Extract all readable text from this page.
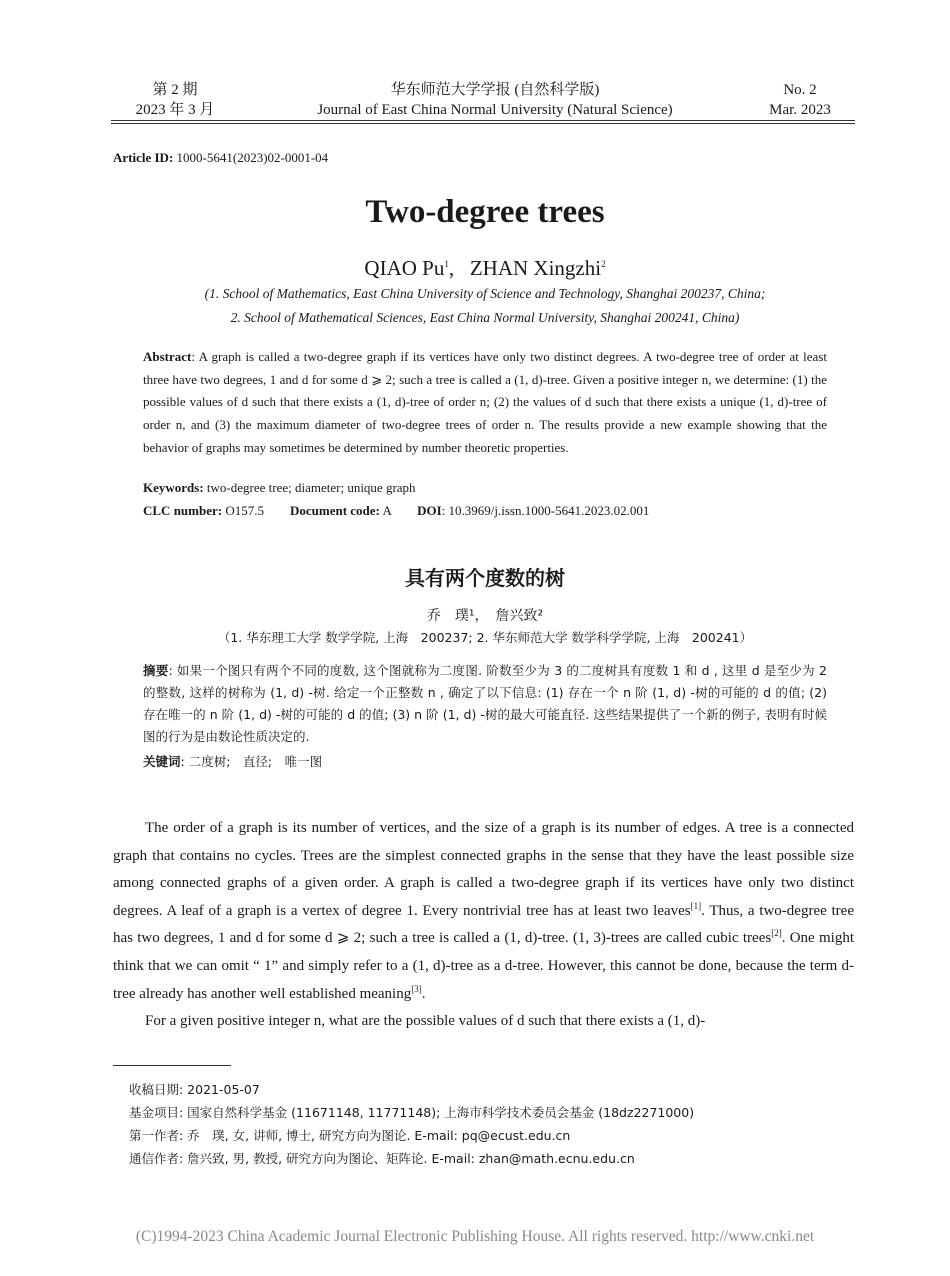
第 2 期
2023 年 3 月
华东师范大学学报 (自然科学版)
Journal of East China Normal University (Natural Science)
No. 2
Mar. 2023
Article ID: 1000-5641(2023)02-0001-04
Two-degree trees
QIAO Pu$^1$, ZHAN Xingzhi$^2$
(1. School of Mathematics, East China University of Science and Technology, Shanghai 200237, China;
2. School of Mathematical Sciences, East China Normal University, Shanghai 200241, China)
Abstract: A graph is called a two-degree graph if its vertices have only two distinct degrees. A two-degree tree of order at least three have two degrees, 1 and d for some d ⩾ 2; such a tree is called a (1, d)-tree. Given a positive integer n, we determine: (1) the possible values of d such that there exists a (1, d)-tree of order n; (2) the values of d such that there exists a unique (1, d)-tree of order n, and (3) the maximum diameter of two-degree trees of order n. The results provide a new example showing that the behavior of graphs may sometimes be determined by number theoretic properties.
Keywords: two-degree tree; diameter; unique graph
CLC number: O157.5 Document code: A DOI: 10.3969/j.issn.1000-5641.2023.02.001
具有两个度数的树
乔　璞¹，　詹兴致²
（1. 华东理工大学 数学学院, 上海　200237; 2. 华东师范大学 数学科学学院, 上海　200241）
摘要: 如果一个图只有两个不同的度数, 这个图就称为二度图. 阶数至少为 3 的二度树具有度数 1 和 d , 这里 d 是至少为 2 的整数, 这样的树称为 (1, d) -树. 给定一个正整数 n , 确定了以下信息: (1) 存在一个 n 阶 (1, d) -树的可能的 d 的值; (2) 存在唯一的 n 阶 (1, d) -树的可能的 d 的值; (3) n 阶 (1, d) -树的最大可能直径. 这些结果提供了一个新的例子, 表明有时候图的行为是由数论性质决定的.
关键词: 二度树;　直径;　唯一图

The order of a graph is its number of vertices, and the size of a graph is its number of edges. A tree is a connected graph that contains no cycles. Trees are the simplest connected graphs in the sense that they have the least possible size among connected graphs of a given order. A graph is called a two-degree graph if its vertices have only two distinct degrees. A leaf of a graph is a vertex of degree 1. Every nontrivial tree has at least two leaves[1]. Thus, a two-degree tree has two degrees, 1 and d for some d ⩾ 2; such a tree is called a (1, d)-tree. (1, 3)-trees are called cubic trees[2]. One might think that we can omit “ 1” and simply refer to a (1, d)-tree as a d-tree. However, this cannot be done, because the term d-tree already has another well established meaning[3].

For a given positive integer n, what are the possible values of d such that there exists a (1, d)-

收稿日期: 2021-05-07
基金项目: 国家自然科学基金 (11671148, 11771148); 上海市科学技术委员会基金 (18dz2271000)
第一作者: 乔　璞, 女, 讲师, 博士, 研究方向为图论. E-mail: pq@ecust.edu.cn
通信作者: 詹兴致, 男, 教授, 研究方向为图论、矩阵论. E-mail: zhan@math.ecnu.edu.cn
(C)1994-2023 China Academic Journal Electronic Publishing House. All rights reserved. http://www.cnki.net
